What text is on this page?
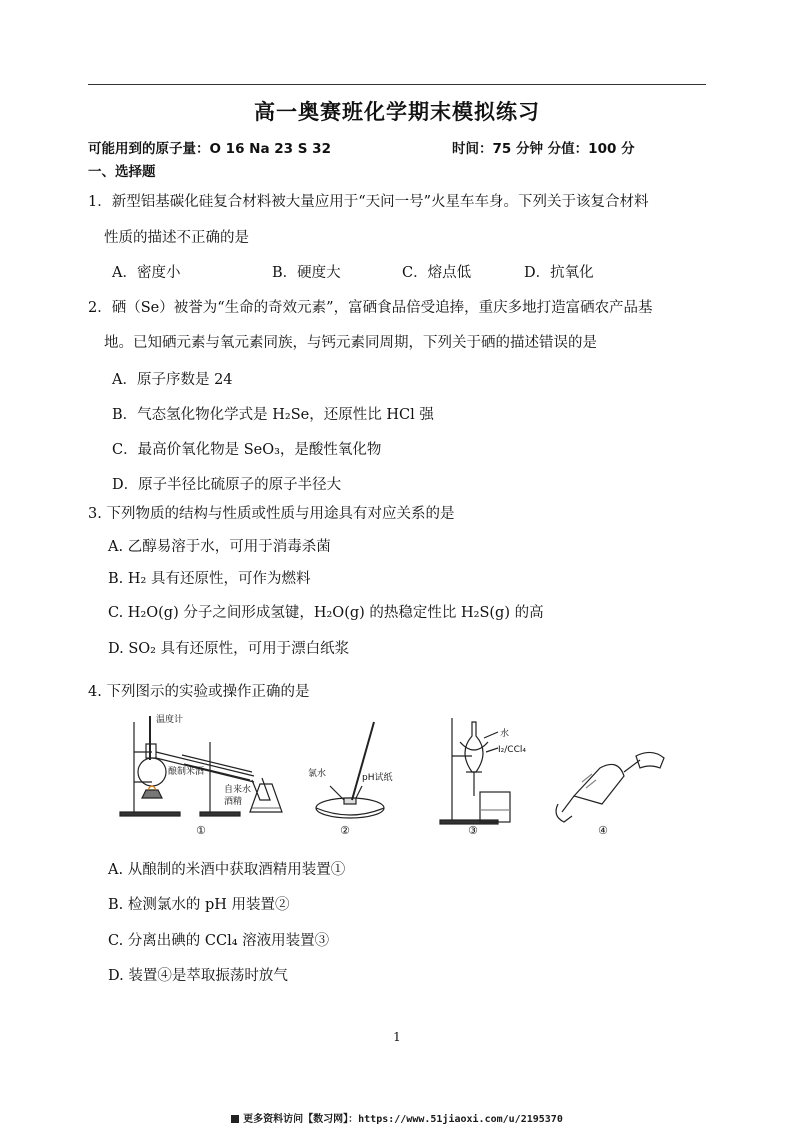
高一奥赛班化学期末模拟练习
可能用到的原子量：O 16 Na 23 S 32	时间：75 分钟 分值：100 分
一、选择题
1．新型铝基碳化硅复合材料被大量应用于“天问一号”火星车车身。下列关于该复合材料
性质的描述不正确的是
A．密度小	B．硬度大	C．熔点低	D．抗氧化
2．硒（Se）被誉为“生命的奇效元素”，富硒食品倍受追捧，重庆多地打造富硒农产品基
地。已知硒元素与氧元素同族，与钙元素同周期，下列关于硒的描述错误的是
A．原子序数是 24
B．气态氢化物化学式是 H₂Se，还原性比 HCl 强
C．最高价氧化物是 SeO₃，是酸性氧化物
D．原子半径比硫原子的原子半径大
3. 下列物质的结构与性质或性质与用途具有对应关系的是
A. 乙醇易溶于水，可用于消毒杀菌
B. H₂ 具有还原性，可作为燃料
C. H₂O(g) 分子之间形成氢键，H₂O(g) 的热稳定性比 H₂S(g) 的高
D. SO₂ 具有还原性，可用于漂白纸浆
4. 下列图示的实验或操作正确的是
温度计
酿制米酒
自来水
酒精
氯水	pH试纸
水
I₂/CCl₄
①	②	③	④
A. 从酿制的米酒中获取酒精用装置①
B. 检测氯水的 pH 用装置②
C. 分离出碘的 CCl₄ 溶液用装置③
D. 装置④是萃取振荡时放气
1
更多资料访问【数习网】：https://www.51jiaoxi.com/u/2195370
